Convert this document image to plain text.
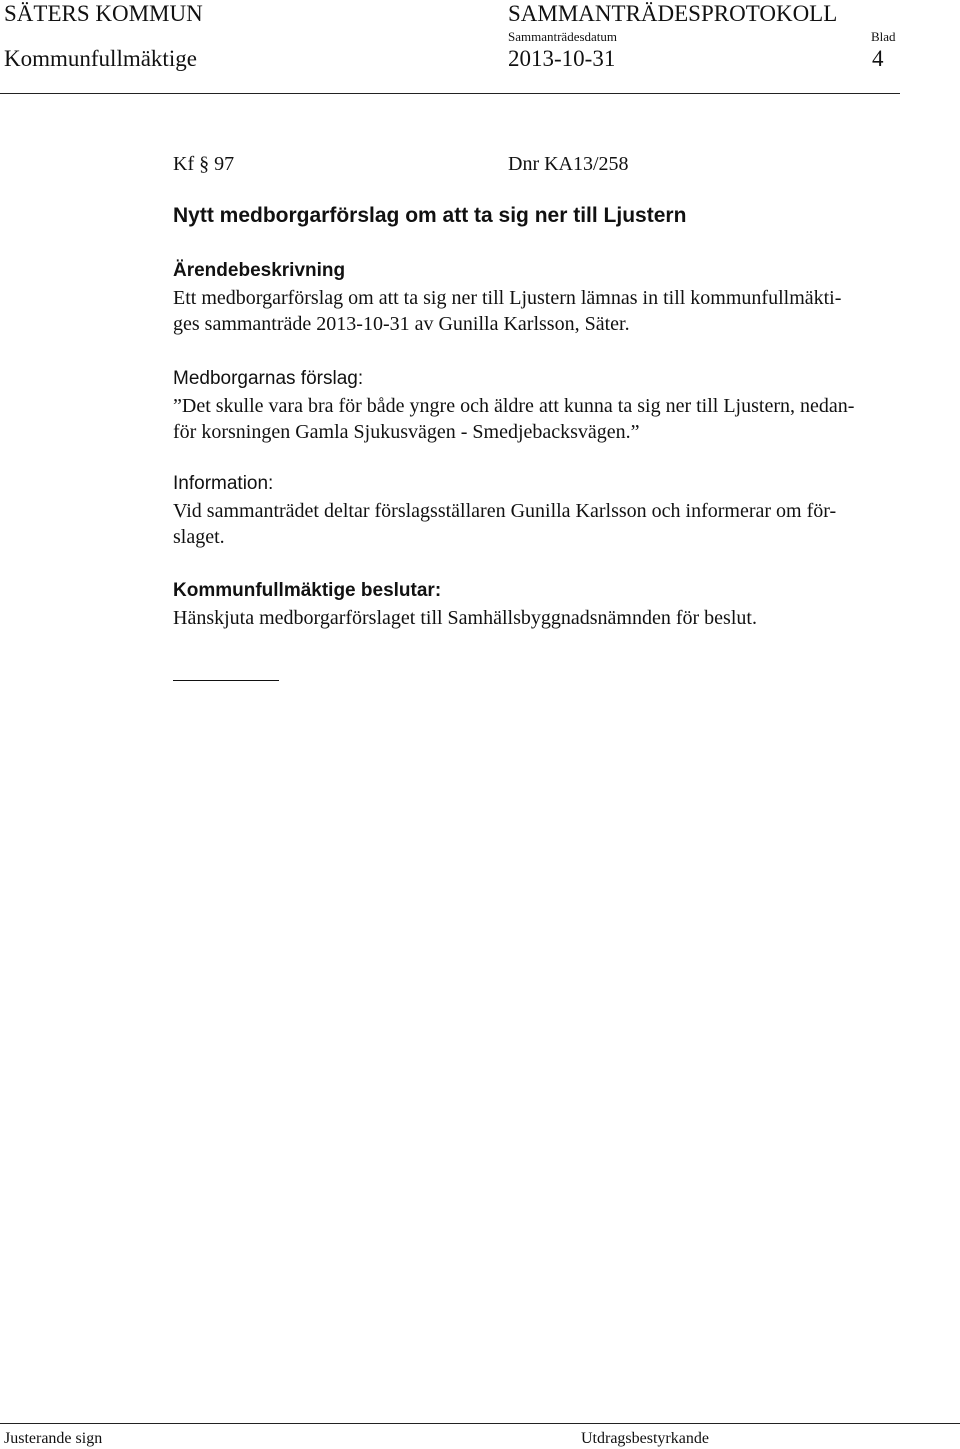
SÄTERS KOMMUN	SAMMANTRÄDESPROTOKOLL
Sammanträdesdatum	Blad
Kommunfullmäktige	2013-10-31	4
Kf § 97	Dnr KA13/258
Nytt medborgarförslag om att ta sig ner till Ljustern
Ärendebeskrivning
Ett medborgarförslag om att ta sig ner till Ljustern lämnas in till kommunfullmäkti-
ges sammanträde 2013-10-31 av Gunilla Karlsson, Säter.
Medborgarnas förslag:
”Det skulle vara bra för både yngre och äldre att kunna ta sig ner till Ljustern, nedan-
för korsningen Gamla Sjukusvägen - Smedjebacksvägen.”
Information:
Vid sammanträdet deltar förslagsställaren Gunilla Karlsson och informerar om för-
slaget.
Kommunfullmäktige beslutar:
Hänskjuta medborgarförslaget till Samhällsbyggnadsnämnden för beslut.
Justerande sign	Utdragsbestyrkande
